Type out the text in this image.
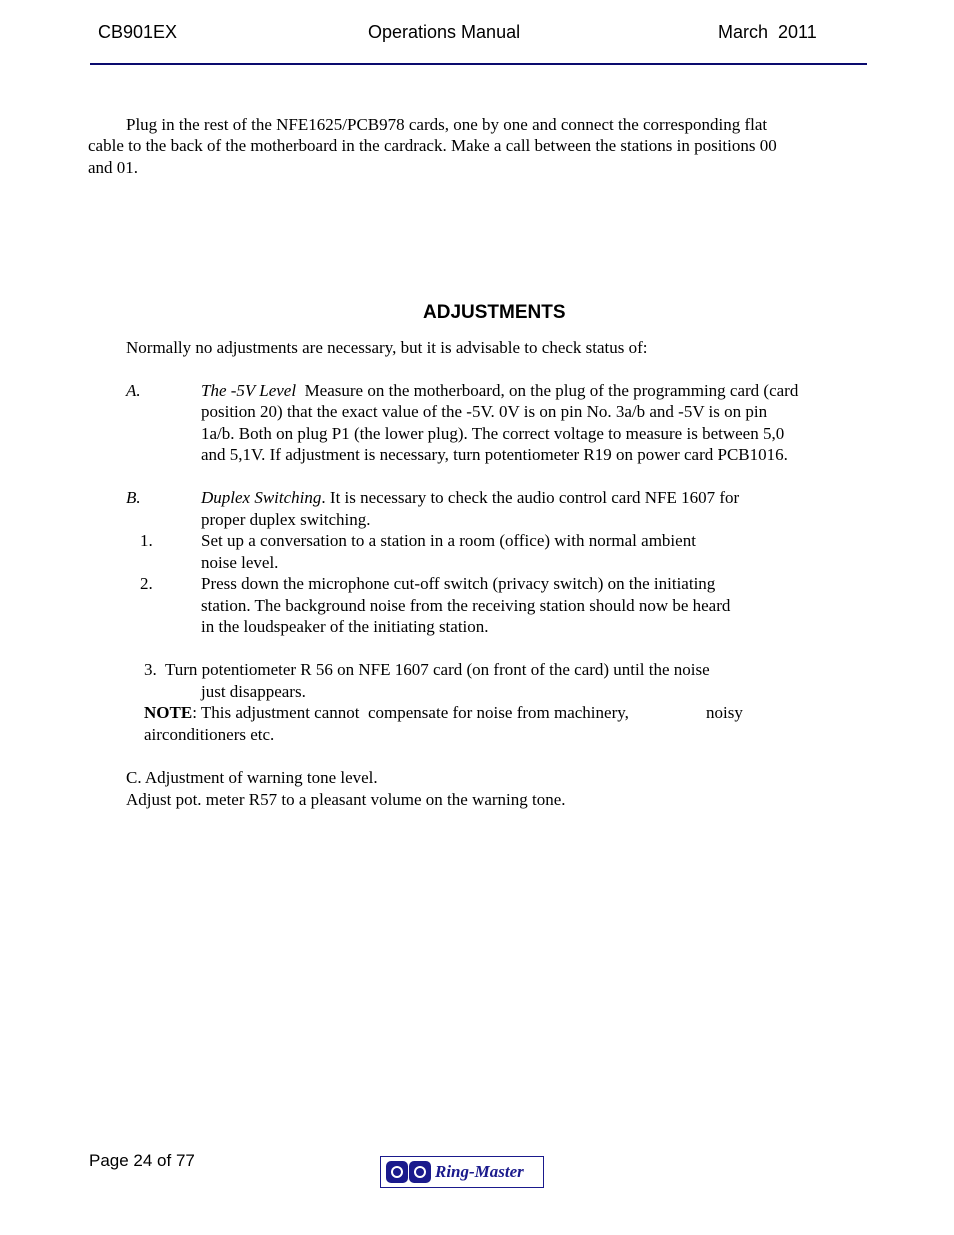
CB901EX	Operations Manual	March  2011
Plug in the rest of the NFE1625/PCB978 cards, one by one and connect the corresponding flat
cable to the back of the motherboard in the cardrack. Make a call between the stations in positions 00
and 01.
ADJUSTMENTS
Normally no adjustments are necessary, but it is advisable to check status of:
A.	The -5V Level  Measure on the motherboard, on the plug of the programming card (card
position 20) that the exact value of the -5V. 0V is on pin No. 3a/b and -5V is on pin
1a/b. Both on plug P1 (the lower plug). The correct voltage to measure is between 5,0
and 5,1V. If adjustment is necessary, turn potentiometer R19 on power card PCB1016.
B.	Duplex Switching. It is necessary to check the audio control card NFE 1607 for
proper duplex switching.
1.	Set up a conversation to a station in a room (office) with normal ambient
noise level.
2.	Press down the microphone cut-off switch (privacy switch) on the initiating
station. The background noise from the receiving station should now be heard
in the loudspeaker of the initiating station.
3.  Turn potentiometer R 56 on NFE 1607 card (on front of the card) until the noise
just disappears.
NOTE: This adjustment cannot  compensate for noise from machinery,	noisy
airconditioners etc.
C. Adjustment of warning tone level.
Adjust pot. meter R57 to a pleasant volume on the warning tone.
Page 24 of 77
Ring-Master
